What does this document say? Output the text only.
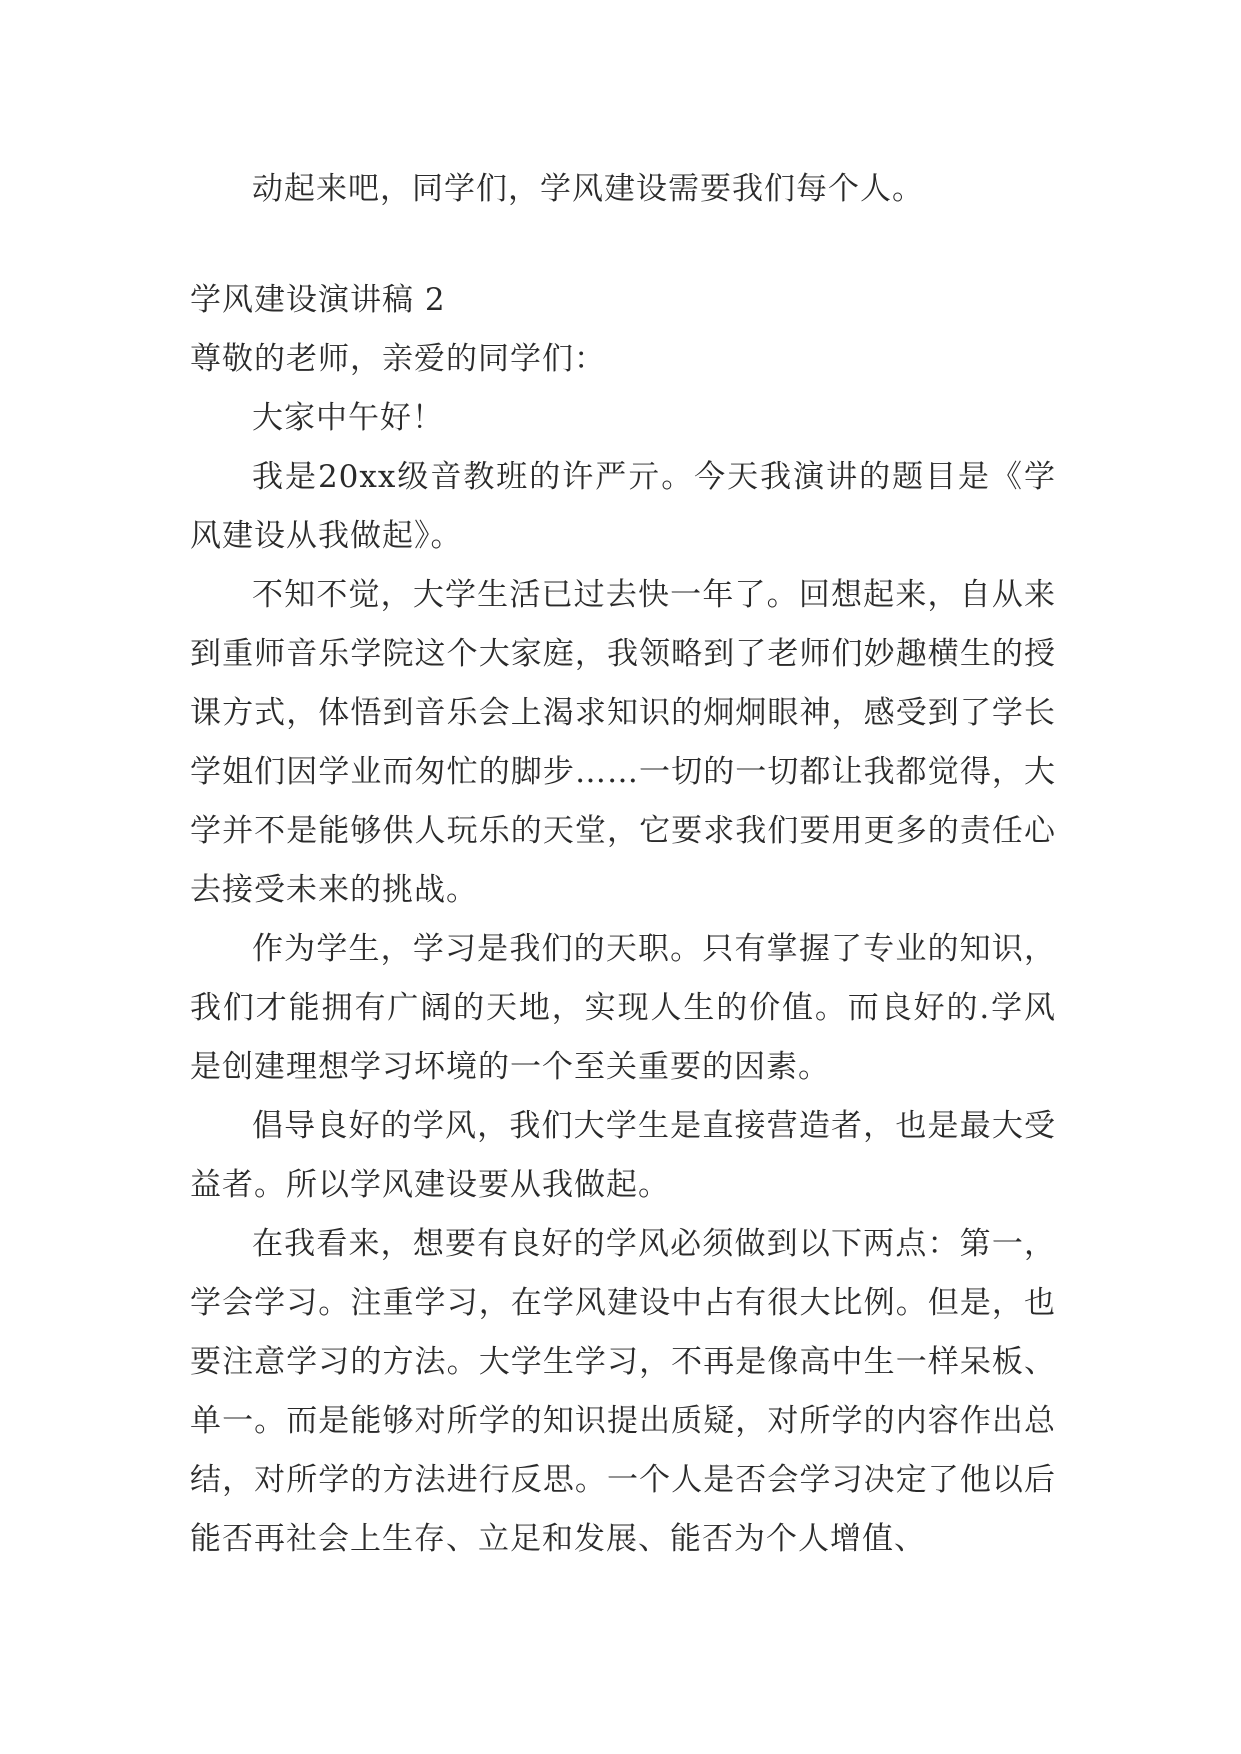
动起来吧，同学们，学风建设需要我们每个人。

学风建设演讲稿 2

尊敬的老师，亲爱的同学们：

大家中午好！

我是20xx级音教班的许严亓。今天我演讲的题目是《学风建设从我做起》。

不知不觉，大学生活已过去快一年了。回想起来，自从来到重师音乐学院这个大家庭，我领略到了老师们妙趣横生的授课方式，体悟到音乐会上渴求知识的炯炯眼神，感受到了学长学姐们因学业而匆忙的脚步……一切的一切都让我都觉得，大学并不是能够供人玩乐的天堂，它要求我们要用更多的责任心去接受未来的挑战。

作为学生，学习是我们的天职。只有掌握了专业的知识，我们才能拥有广阔的天地，实现人生的价值。而良好的.学风是创建理想学习坏境的一个至关重要的因素。

倡导良好的学风，我们大学生是直接营造者，也是最大受益者。所以学风建设要从我做起。

在我看来，想要有良好的学风必须做到以下两点：第一，学会学习。注重学习，在学风建设中占有很大比例。但是，也要注意学习的方法。大学生学习，不再是像高中生一样呆板、单一。而是能够对所学的知识提出质疑，对所学的内容作出总结，对所学的方法进行反思。一个人是否会学习决定了他以后能否再社会上生存、立足和发展、能否为个人增值、
